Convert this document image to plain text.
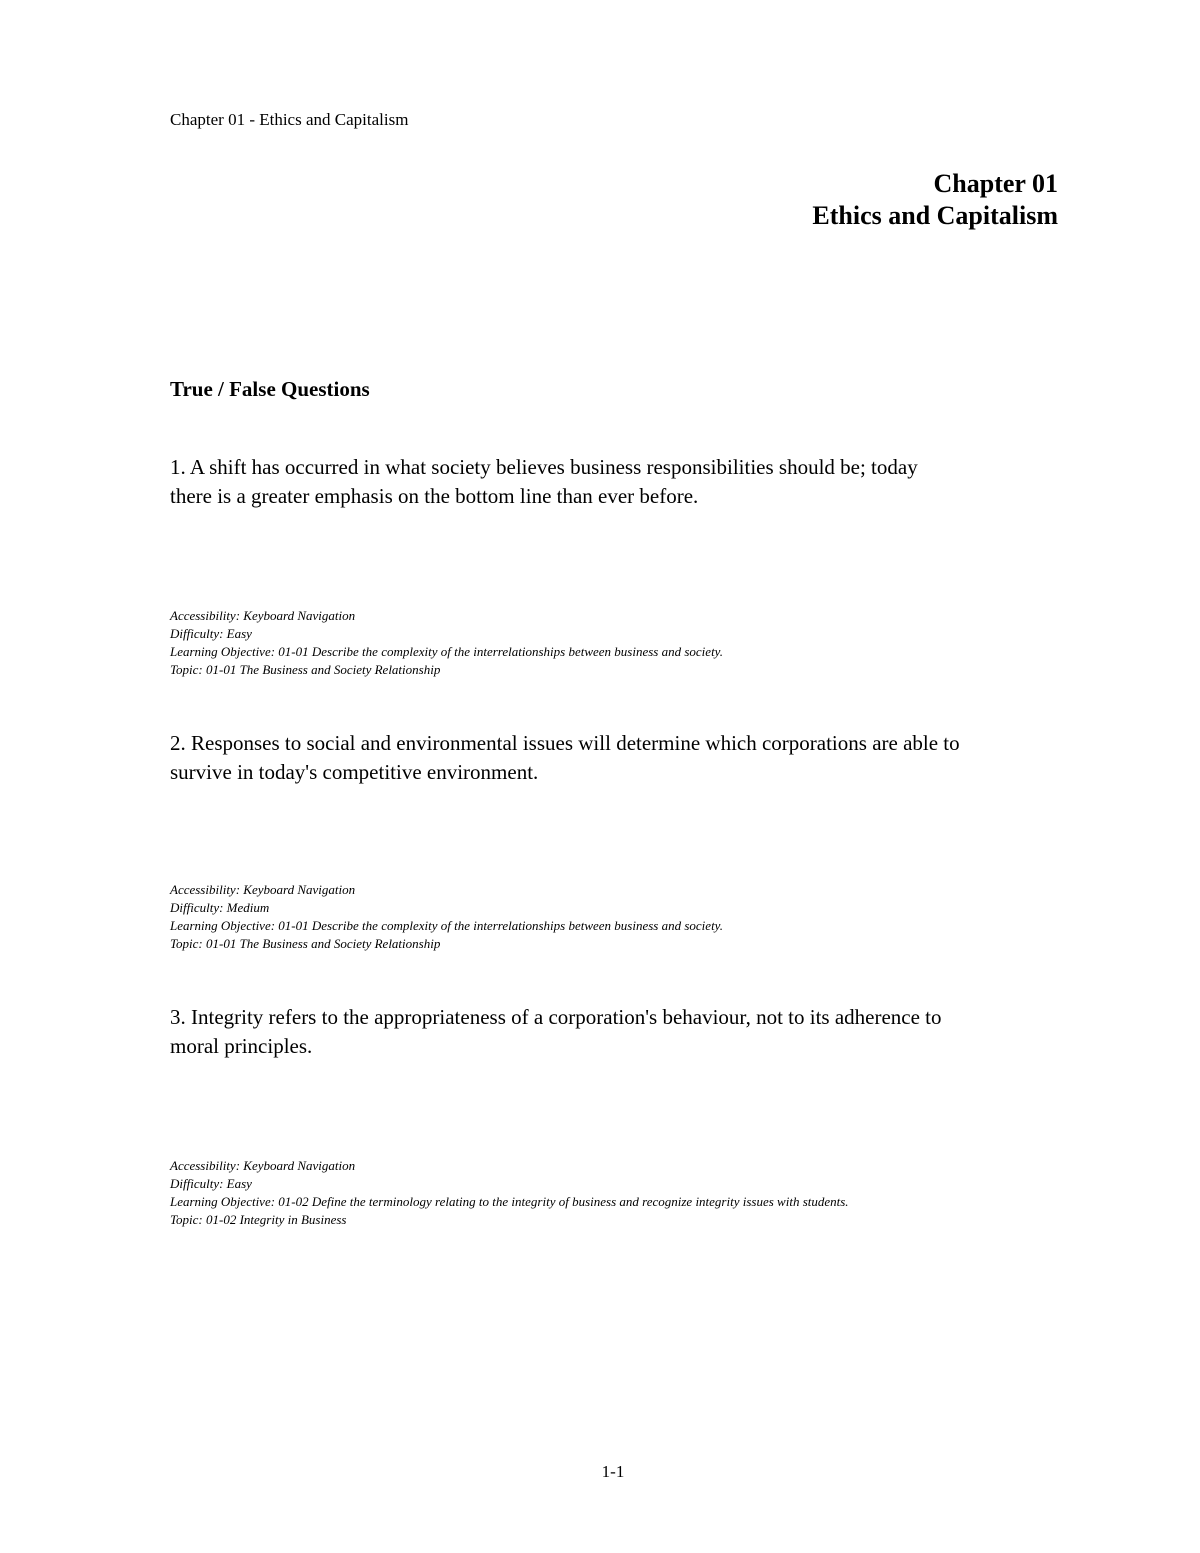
Chapter 01 - Ethics and Capitalism
Chapter 01
Ethics and Capitalism
True / False Questions
1. A shift has occurred in what society believes business responsibilities should be; today
there is a greater emphasis on the bottom line than ever before.
Accessibility: Keyboard Navigation
Difficulty: Easy
Learning Objective: 01-01 Describe the complexity of the interrelationships between business and society.
Topic: 01-01 The Business and Society Relationship
2. Responses to social and environmental issues will determine which corporations are able to
survive in today's competitive environment.
Accessibility: Keyboard Navigation
Difficulty: Medium
Learning Objective: 01-01 Describe the complexity of the interrelationships between business and society.
Topic: 01-01 The Business and Society Relationship
3. Integrity refers to the appropriateness of a corporation's behaviour, not to its adherence to
moral principles.
Accessibility: Keyboard Navigation
Difficulty: Easy
Learning Objective: 01-02 Define the terminology relating to the integrity of business and recognize integrity issues with students.
Topic: 01-02 Integrity in Business
1-1
